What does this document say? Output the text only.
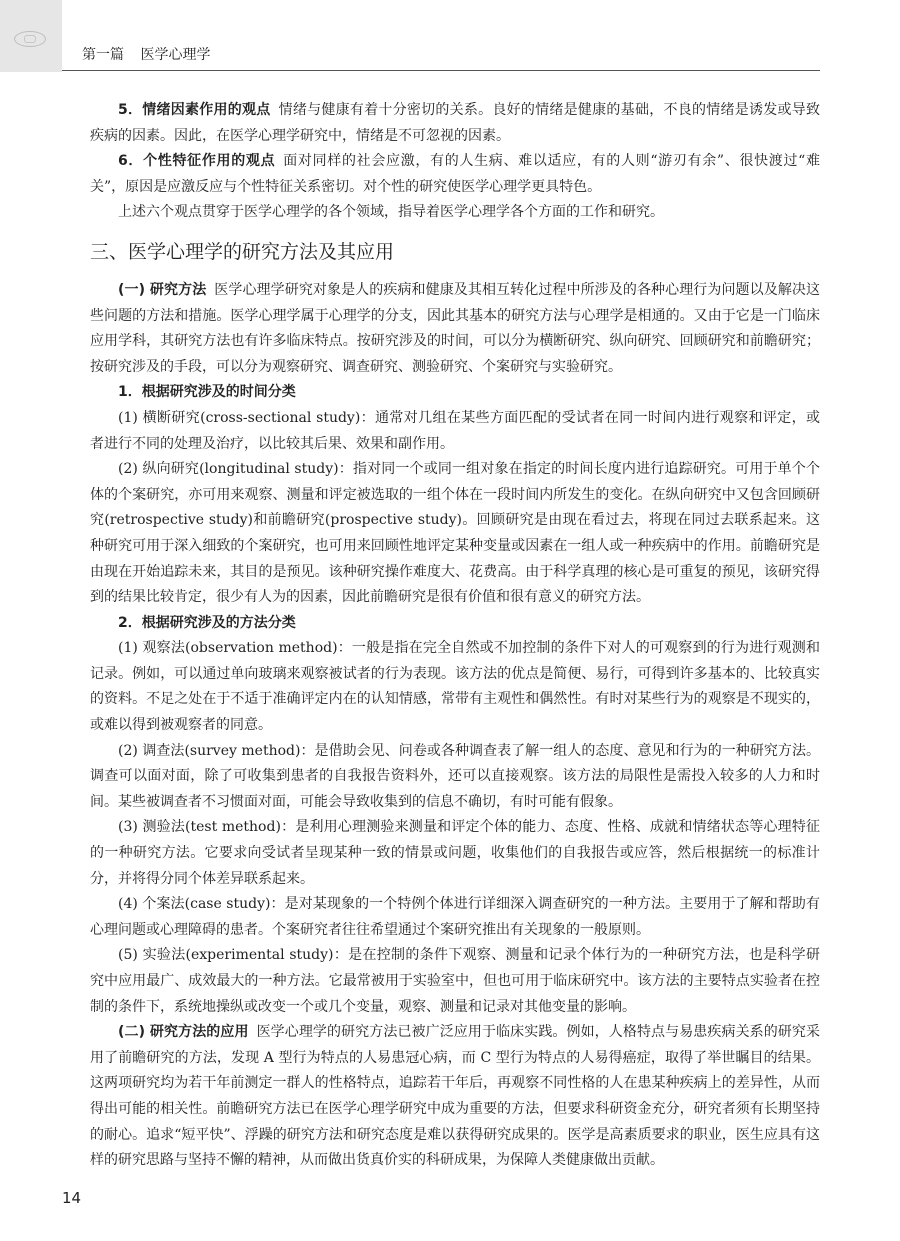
第一篇 医学心理学

5．情绪因素作用的观点 情绪与健康有着十分密切的关系。良好的情绪是健康的基础，不良的情绪是诱发或导致疾病的因素。因此，在医学心理学研究中，情绪是不可忽视的因素。

6．个性特征作用的观点 面对同样的社会应激，有的人生病、难以适应，有的人则“游刃有余”、很快渡过“难关”，原因是应激反应与个性特征关系密切。对个性的研究使医学心理学更具特色。

上述六个观点贯穿于医学心理学的各个领域，指导着医学心理学各个方面的工作和研究。

三、医学心理学的研究方法及其应用

(一) 研究方法 医学心理学研究对象是人的疾病和健康及其相互转化过程中所涉及的各种心理行为问题以及解决这些问题的方法和措施。医学心理学属于心理学的分支，因此其基本的研究方法与心理学是相通的。又由于它是一门临床应用学科，其研究方法也有许多临床特点。按研究涉及的时间，可以分为横断研究、纵向研究、回顾研究和前瞻研究；按研究涉及的手段，可以分为观察研究、调查研究、测验研究、个案研究与实验研究。

1．根据研究涉及的时间分类

(1) 横断研究(cross-sectional study)：通常对几组在某些方面匹配的受试者在同一时间内进行观察和评定，或者进行不同的处理及治疗，以比较其后果、效果和副作用。

(2) 纵向研究(longitudinal study)：指对同一个或同一组对象在指定的时间长度内进行追踪研究。可用于单个个体的个案研究，亦可用来观察、测量和评定被选取的一组个体在一段时间内所发生的变化。在纵向研究中又包含回顾研究(retrospective study)和前瞻研究(prospective study)。回顾研究是由现在看过去，将现在同过去联系起来。这种研究可用于深入细致的个案研究，也可用来回顾性地评定某种变量或因素在一组人或一种疾病中的作用。前瞻研究是由现在开始追踪未来，其目的是预见。该种研究操作难度大、花费高。由于科学真理的核心是可重复的预见，该研究得到的结果比较肯定，很少有人为的因素，因此前瞻研究是很有价值和很有意义的研究方法。

2．根据研究涉及的方法分类

(1) 观察法(observation method)：一般是指在完全自然或不加控制的条件下对人的可观察到的行为进行观测和记录。例如，可以通过单向玻璃来观察被试者的行为表现。该方法的优点是简便、易行，可得到许多基本的、比较真实的资料。不足之处在于不适于准确评定内在的认知情感，常带有主观性和偶然性。有时对某些行为的观察是不现实的，或难以得到被观察者的同意。

(2) 调查法(survey method)：是借助会见、问卷或各种调查表了解一组人的态度、意见和行为的一种研究方法。调查可以面对面，除了可收集到患者的自我报告资料外，还可以直接观察。该方法的局限性是需投入较多的人力和时间。某些被调查者不习惯面对面，可能会导致收集到的信息不确切，有时可能有假象。

(3) 测验法(test method)：是利用心理测验来测量和评定个体的能力、态度、性格、成就和情绪状态等心理特征的一种研究方法。它要求向受试者呈现某种一致的情景或问题，收集他们的自我报告或应答，然后根据统一的标准计分，并将得分同个体差异联系起来。

(4) 个案法(case study)：是对某现象的一个特例个体进行详细深入调查研究的一种方法。主要用于了解和帮助有心理问题或心理障碍的患者。个案研究者往往希望通过个案研究推出有关现象的一般原则。

(5) 实验法(experimental study)：是在控制的条件下观察、测量和记录个体行为的一种研究方法，也是科学研究中应用最广、成效最大的一种方法。它最常被用于实验室中，但也可用于临床研究中。该方法的主要特点实验者在控制的条件下，系统地操纵或改变一个或几个变量，观察、测量和记录对其他变量的影响。

(二) 研究方法的应用 医学心理学的研究方法已被广泛应用于临床实践。例如，人格特点与易患疾病关系的研究采用了前瞻研究的方法，发现 A 型行为特点的人易患冠心病，而 C 型行为特点的人易得癌症，取得了举世瞩目的结果。这两项研究均为若干年前测定一群人的性格特点，追踪若干年后，再观察不同性格的人在患某种疾病上的差异性，从而得出可能的相关性。前瞻研究方法已在医学心理学研究中成为重要的方法，但要求科研资金充分，研究者须有长期坚持的耐心。追求“短平快”、浮躁的研究方法和研究态度是难以获得研究成果的。医学是高素质要求的职业，医生应具有这样的研究思路与坚持不懈的精神，从而做出货真价实的科研成果，为保障人类健康做出贡献。

14
